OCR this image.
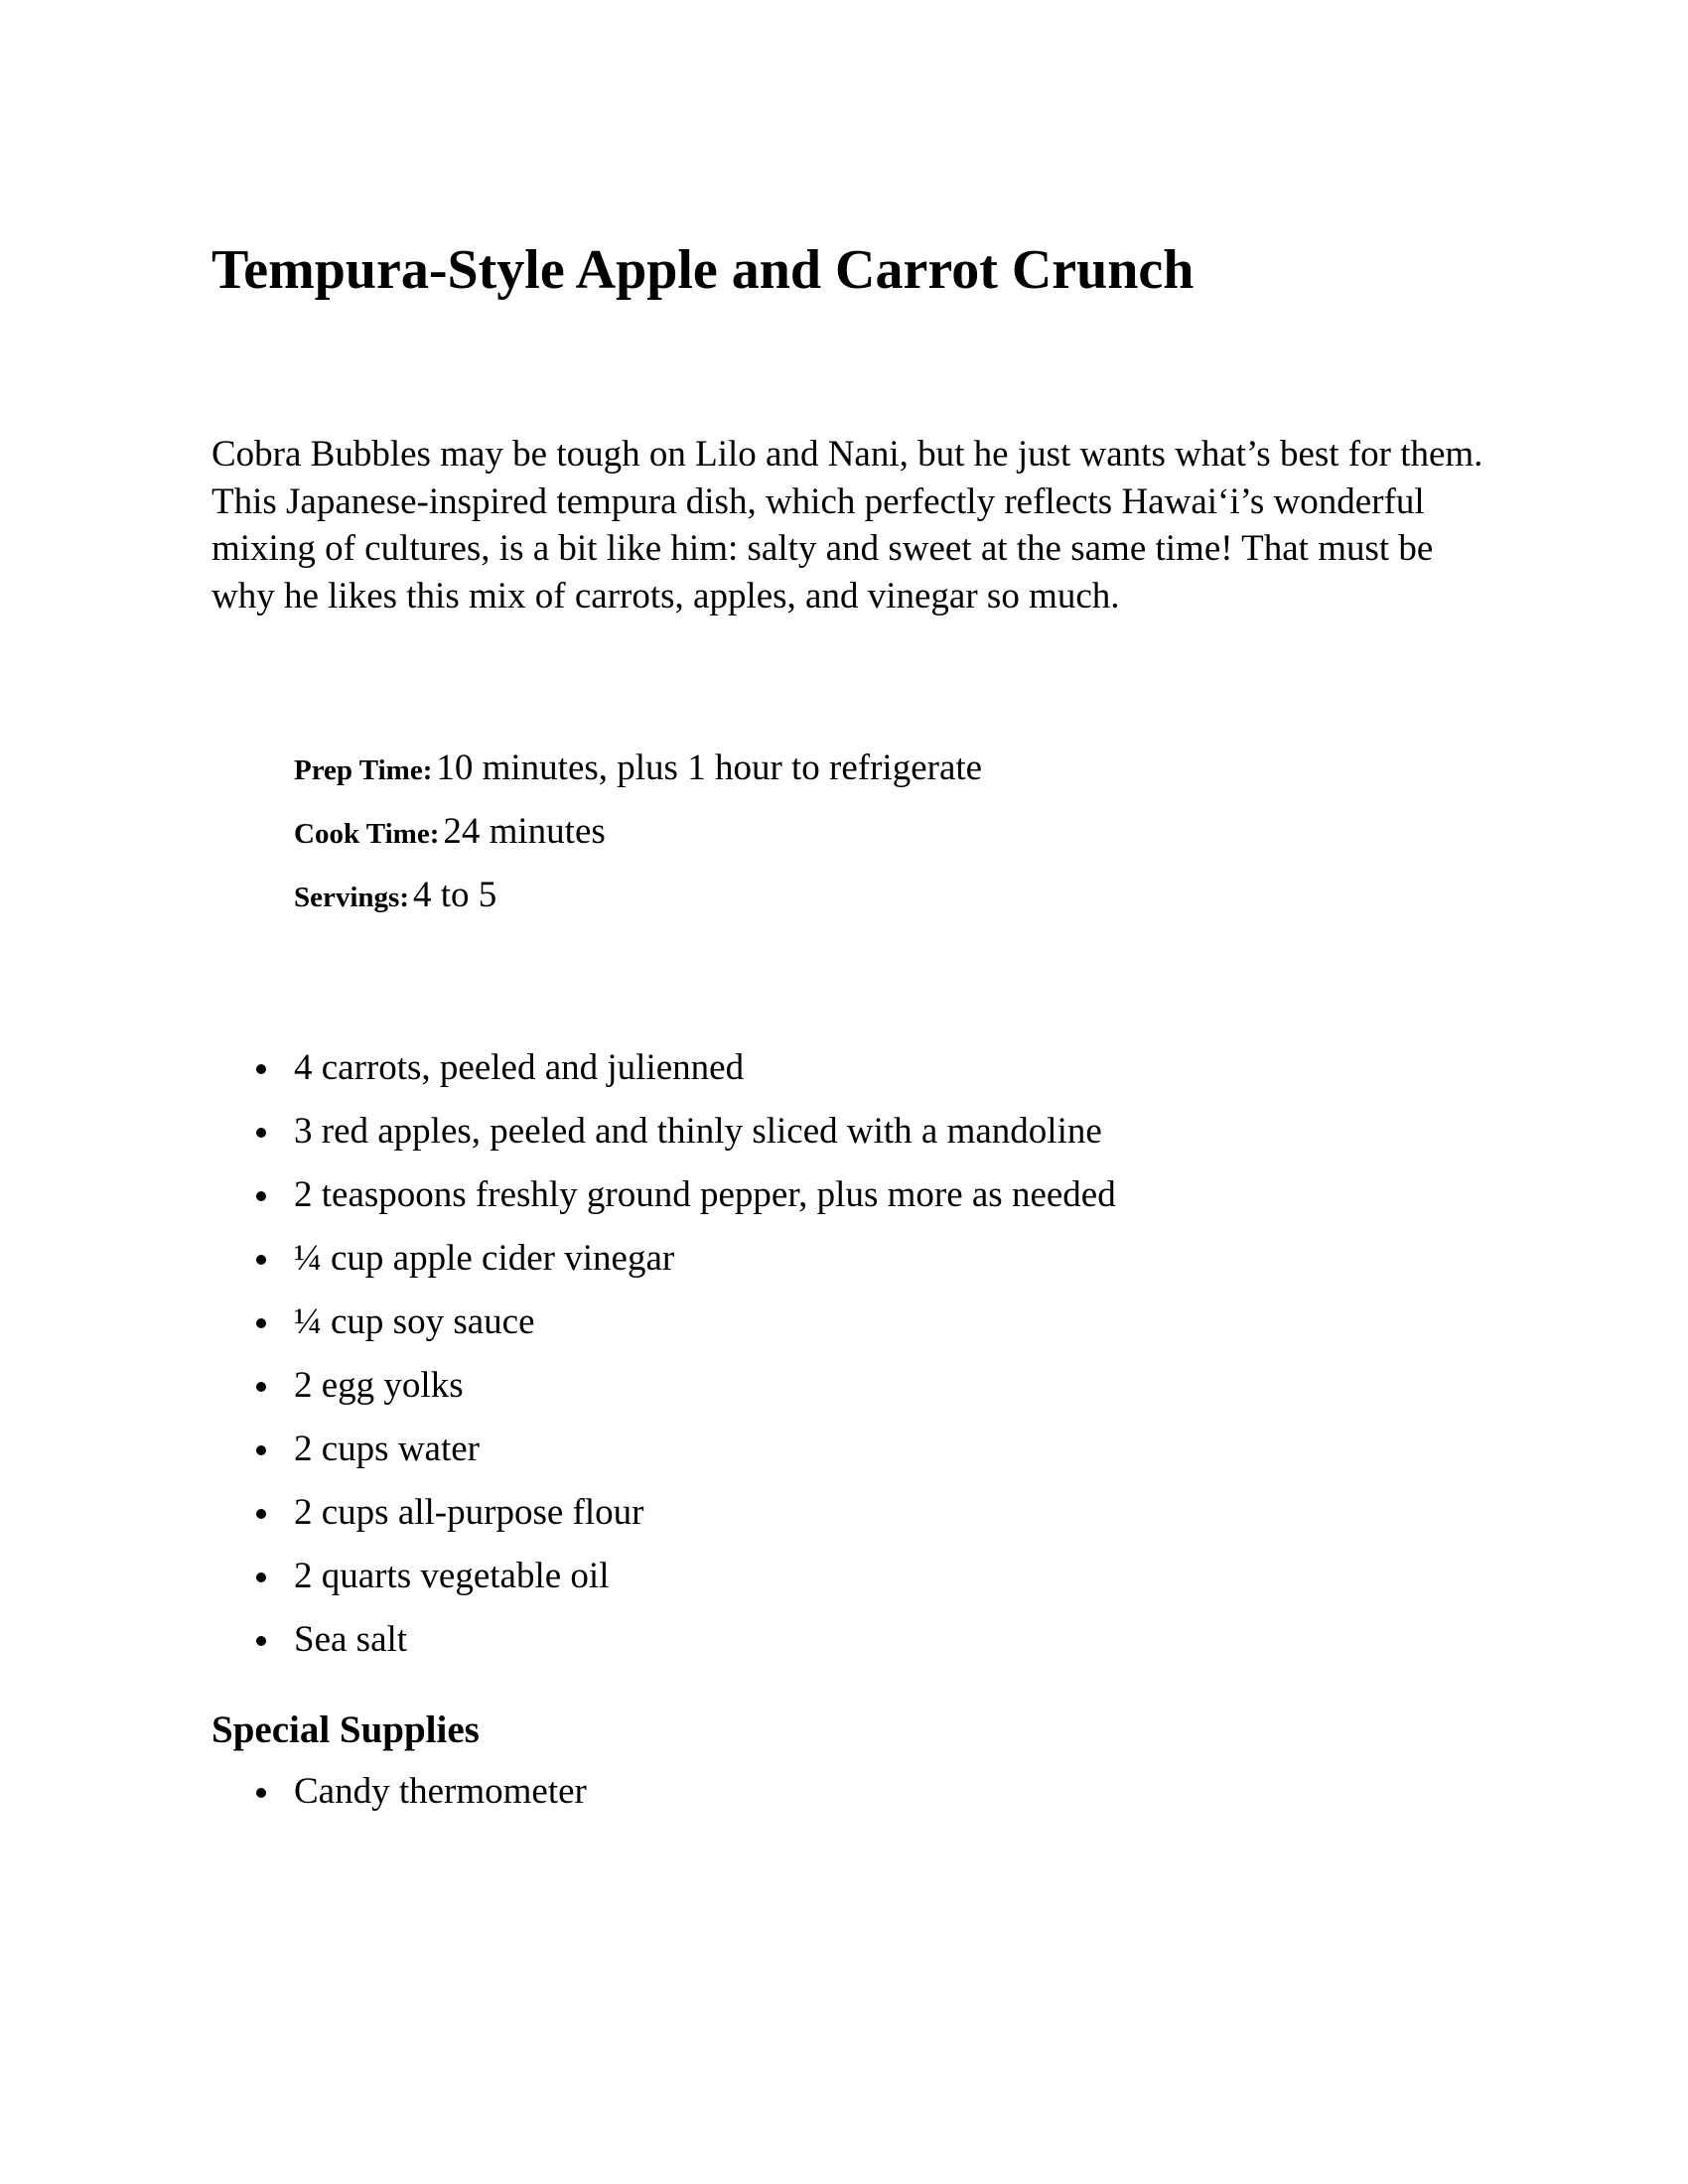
Tempura-Style Apple and Carrot Crunch

Cobra Bubbles may be tough on Lilo and Nani, but he just wants what’s best for them. This Japanese-inspired tempura dish, which perfectly reflects Hawai‘i’s wonderful mixing of cultures, is a bit like him: salty and sweet at the same time! That must be why he likes this mix of carrots, apples, and vinegar so much.

Prep Time: 10 minutes, plus 1 hour to refrigerate

Cook Time: 24 minutes

Servings: 4 to 5

4 carrots, peeled and julienned
3 red apples, peeled and thinly sliced with a mandoline
2 teaspoons freshly ground pepper, plus more as needed
¼ cup apple cider vinegar
¼ cup soy sauce
2 egg yolks
2 cups water
2 cups all-purpose flour
2 quarts vegetable oil
Sea salt
Special Supplies
Candy thermometer
